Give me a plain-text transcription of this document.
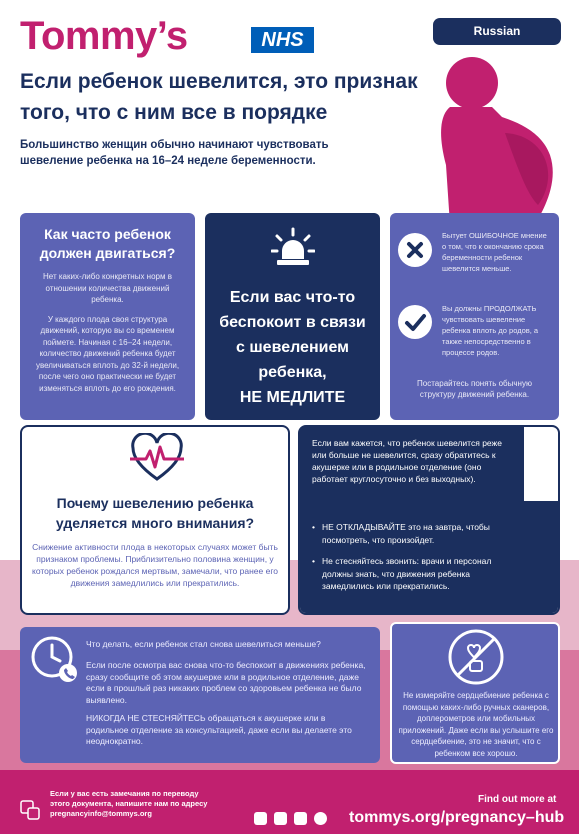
Tommy’s	NHS	Russian
Если ребенок шевелится, это признак того, что с ним все в порядке
Большинство женщин обычно начинают чувствовать шевеление ребенка на 16–24 неделе беременности.
Как часто ребенок должен двигаться?

Нет каких-либо конкретных норм в отношении количества движений ребенка.

У каждого плода своя структура движений, которую вы со временем поймете. Начиная с 16–24 недели, количество движений ребенка будет увеличиваться вплоть до 32-й недели, после чего оно практически не будет изменяться вплоть до его рождения.

Если вас что-то
беспокоит в связи
с шевелением
ребенка,
НЕ МЕДЛИТЕ
Бытует ОШИБОЧНОЕ мнение о том, что к окончанию срока беременности ребенок шевелится меньше.
Вы должны ПРОДОЛЖАТЬ чувствовать шевеление ребенка вплоть до родов, а также непосредственно в процессе родов.
Постарайтесь понять обычную структуру движений ребенка.
Почему шевелению ребенка уделяется много внимания?

Снижение активности плода в некоторых случаях может быть признаком проблемы. Приблизительно половина женщин, у которых ребенок рождался мертвым, замечали, что ранее его движения замедлились или прекратились.

Если вам кажется, что ребенок шевелится реже или больше не шевелится, сразу обратитесь к акушерке или в родильное отделение (оно работает круглосуточно и без выходных).
• НЕ ОТКЛАДЫВАЙТЕ это на завтра, чтобы посмотреть, что произойдет.
• Не стесняйтесь звонить: врачи и персонал должны знать, что движения ребенка замедлились или прекратились.
Что делать, если ребенок стал снова шевелиться меньше?
Если после осмотра вас снова что-то беспокоит в движениях ребенка, сразу сообщите об этом акушерке или в родильное отделение, даже если в прошлый раз никаких проблем со здоровьем ребенка не было выявлено.
НИКОГДА НЕ СТЕСНЯЙТЕСЬ обращаться к акушерке или в родильное отделение за консультацией, даже если вы делаете это неоднократно.

Не измеряйте сердцебиение ребенка с помощью каких-либо ручных сканеров, доплерометров или мобильных приложений. Даже если вы услышите его сердцебиение, это не значит, что с ребенком все хорошо.

Если у вас есть замечания по переводу
этого документа, напишите нам по адресу
pregnancyinfo@tommys.org
Find out more at
tommys.org/pregnancy–hub
